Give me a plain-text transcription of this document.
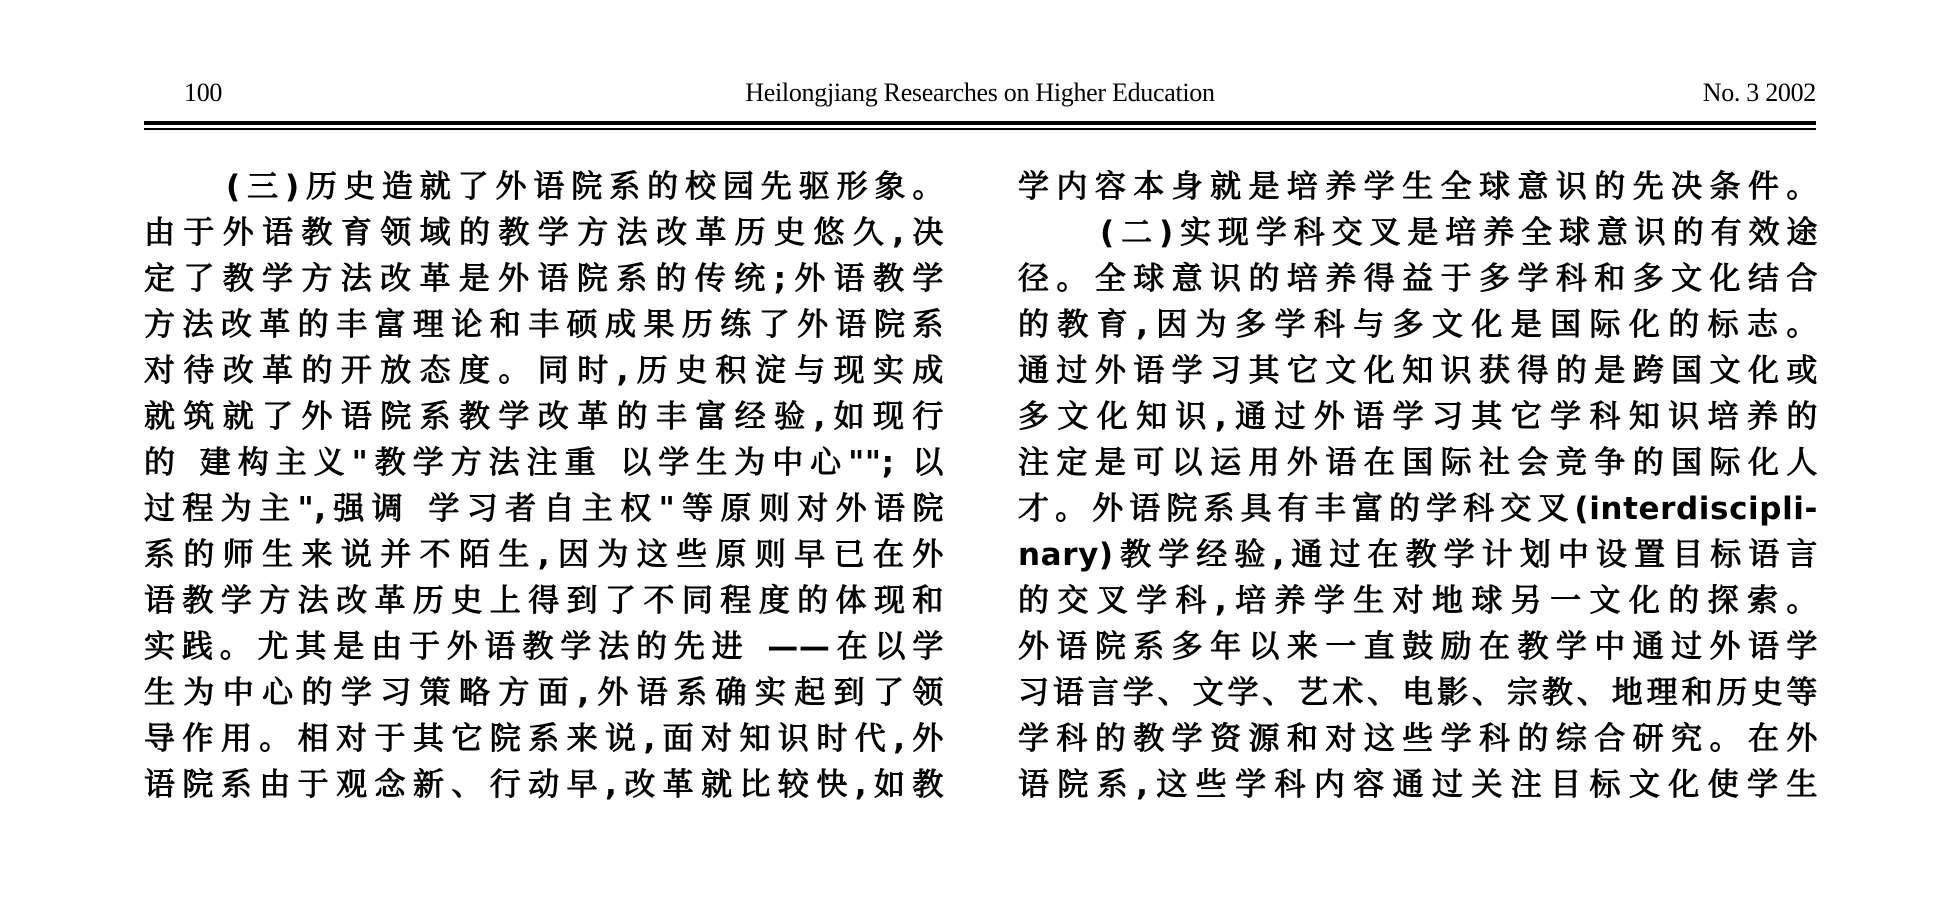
100	Heilongjiang Researches on Higher Education	No. 3 2002
(三)历史造就了外语院系的校园先驱形象。
由于外语教育领域的教学方法改革历史悠久,决
定了教学方法改革是外语院系的传统;外语教学
方法改革的丰富理论和丰硕成果历练了外语院系
对待改革的开放态度。同时,历史积淀与现实成
就筑就了外语院系教学改革的丰富经验,如现行
的 建构主义"教学方法注重 以学生为中心""; 以
过程为主",强调 学习者自主权"等原则对外语院
系的师生来说并不陌生,因为这些原则早已在外
语教学方法改革历史上得到了不同程度的体现和
实践。尤其是由于外语教学法的先进 ——在以学
生为中心的学习策略方面,外语系确实起到了领
导作用。相对于其它院系来说,面对知识时代,外
语院系由于观念新、行动早,改革就比较快,如教
学内容本身就是培养学生全球意识的先决条件。
(二)实现学科交叉是培养全球意识的有效途
径。全球意识的培养得益于多学科和多文化结合
的教育,因为多学科与多文化是国际化的标志。
通过外语学习其它文化知识获得的是跨国文化或
多文化知识,通过外语学习其它学科知识培养的
注定是可以运用外语在国际社会竞争的国际化人
才。外语院系具有丰富的学科交叉(interdiscipli-
nary)教学经验,通过在教学计划中设置目标语言
的交叉学科,培养学生对地球另一文化的探索。
外语院系多年以来一直鼓励在教学中通过外语学
习语言学、文学、艺术、电影、宗教、地理和历史等
学科的教学资源和对这些学科的综合研究。在外
语院系,这些学科内容通过关注目标文化使学生
